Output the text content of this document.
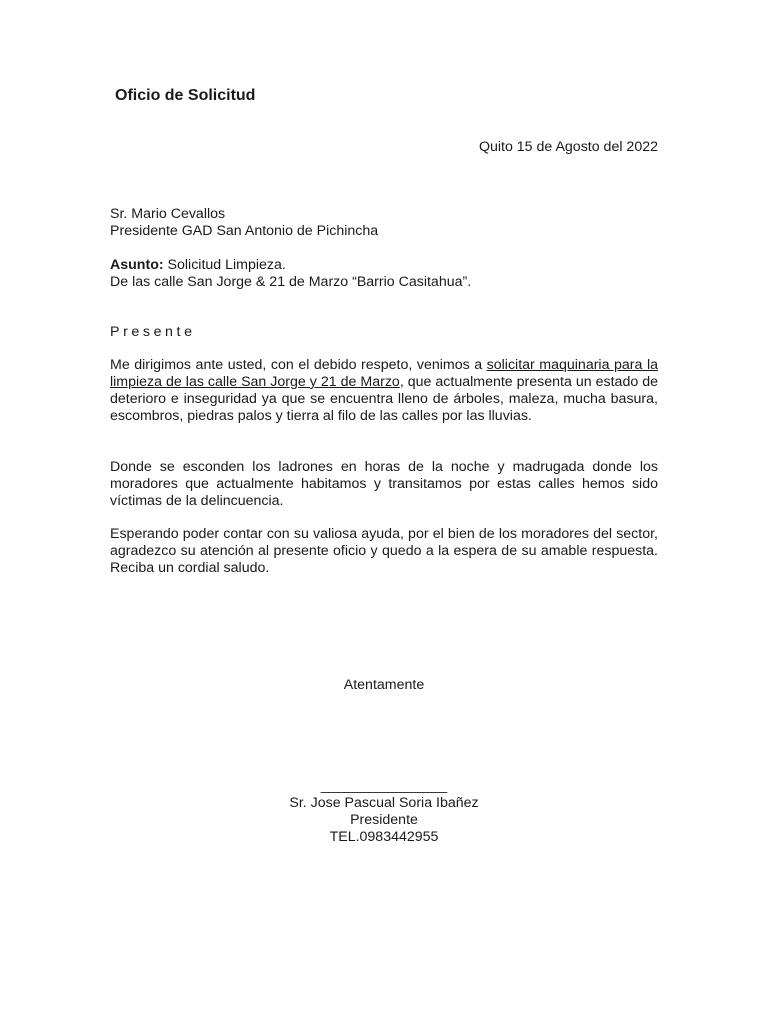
Oficio de Solicitud
Quito 15 de Agosto del 2022
Sr. Mario Cevallos
Presidente GAD San Antonio de Pichincha
Asunto: Solicitud Limpieza.
De las calle San Jorge & 21 de Marzo “Barrio Casitahua”.
Presente
Me dirigimos ante usted, con el debido respeto, venimos a solicitar maquinaria para la limpieza de las calle San Jorge y 21 de Marzo, que actualmente presenta un estado de deterioro e inseguridad ya que se encuentra lleno de árboles, maleza, mucha basura, escombros, piedras palos y tierra al filo de las calles por las lluvias.
Donde se esconden los ladrones en horas de la noche y madrugada donde los moradores que actualmente habitamos y transitamos por estas calles hemos sido víctimas de la delincuencia.
Esperando poder contar con su valiosa ayuda, por el bien de los moradores del sector, agradezco su atención al presente oficio y quedo a la espera de su amable respuesta. Reciba un cordial saludo.
Atentamente
________________
Sr. Jose Pascual Soria Ibañez
Presidente
TEL.0983442955
